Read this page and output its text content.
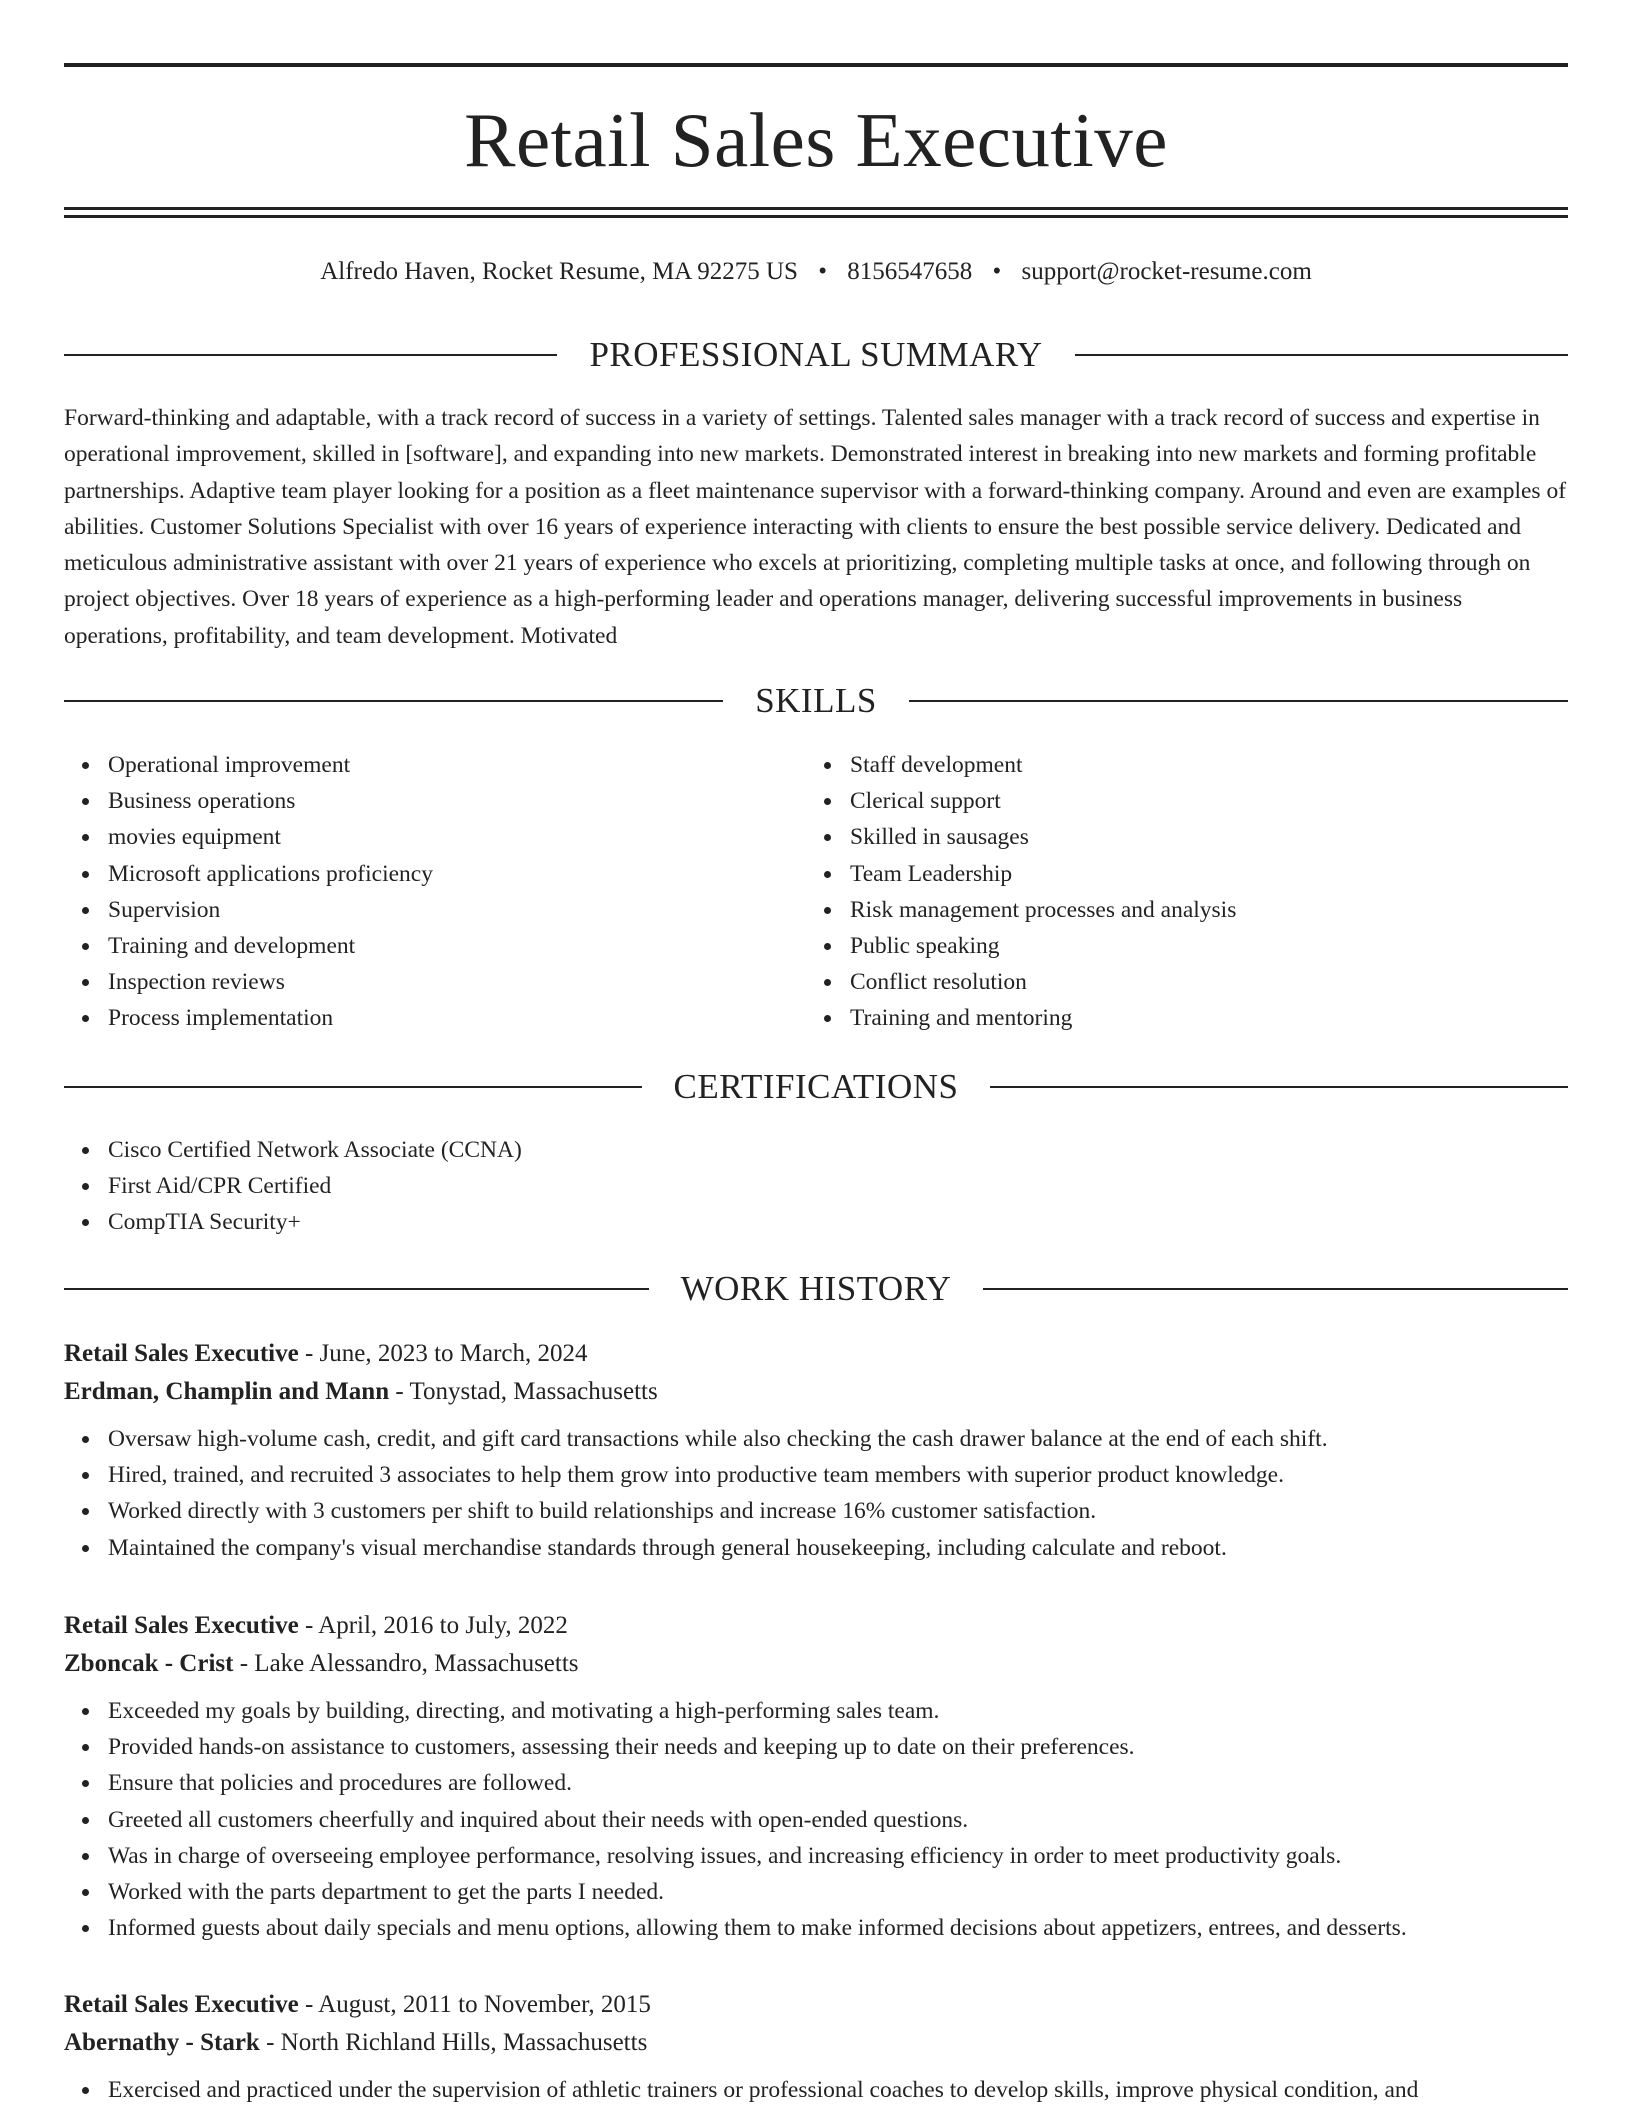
Retail Sales Executive
Alfredo Haven, Rocket Resume, MA 92275 US • 8156547658 • support@rocket-resume.com
PROFESSIONAL SUMMARY

Forward-thinking and adaptable, with a track record of success in a variety of settings. Talented sales manager with a track record of success and expertise in operational improvement, skilled in [software], and expanding into new markets. Demonstrated interest in breaking into new markets and forming profitable partnerships. Adaptive team player looking for a position as a fleet maintenance supervisor with a forward-thinking company. Around and even are examples of abilities. Customer Solutions Specialist with over 16 years of experience interacting with clients to ensure the best possible service delivery. Dedicated and meticulous administrative assistant with over 21 years of experience who excels at prioritizing, completing multiple tasks at once, and following through on project objectives. Over 18 years of experience as a high-performing leader and operations manager, delivering successful improvements in business operations, profitability, and team development. Motivated

SKILLS
Operational improvement
Business operations
movies equipment
Microsoft applications proficiency
Supervision
Training and development
Inspection reviews
Process implementation
Staff development
Clerical support
Skilled in sausages
Team Leadership
Risk management processes and analysis
Public speaking
Conflict resolution
Training and mentoring
CERTIFICATIONS
Cisco Certified Network Associate (CCNA)
First Aid/CPR Certified
CompTIA Security+
WORK HISTORY
Retail Sales Executive - June, 2023 to March, 2024
Erdman, Champlin and Mann - Tonystad, Massachusetts
Oversaw high-volume cash, credit, and gift card transactions while also checking the cash drawer balance at the end of each shift.
Hired, trained, and recruited 3 associates to help them grow into productive team members with superior product knowledge.
Worked directly with 3 customers per shift to build relationships and increase 16% customer satisfaction.
Maintained the company's visual merchandise standards through general housekeeping, including calculate and reboot.
Retail Sales Executive - April, 2016 to July, 2022
Zboncak - Crist - Lake Alessandro, Massachusetts
Exceeded my goals by building, directing, and motivating a high-performing sales team.
Provided hands-on assistance to customers, assessing their needs and keeping up to date on their preferences.
Ensure that policies and procedures are followed.
Greeted all customers cheerfully and inquired about their needs with open-ended questions.
Was in charge of overseeing employee performance, resolving issues, and increasing efficiency in order to meet productivity goals.
Worked with the parts department to get the parts I needed.
Informed guests about daily specials and menu options, allowing them to make informed decisions about appetizers, entrees, and desserts.
Retail Sales Executive - August, 2011 to November, 2015
Abernathy - Stark - North Richland Hills, Massachusetts
Exercised and practiced under the supervision of athletic trainers or professional coaches to develop skills, improve physical condition, and
